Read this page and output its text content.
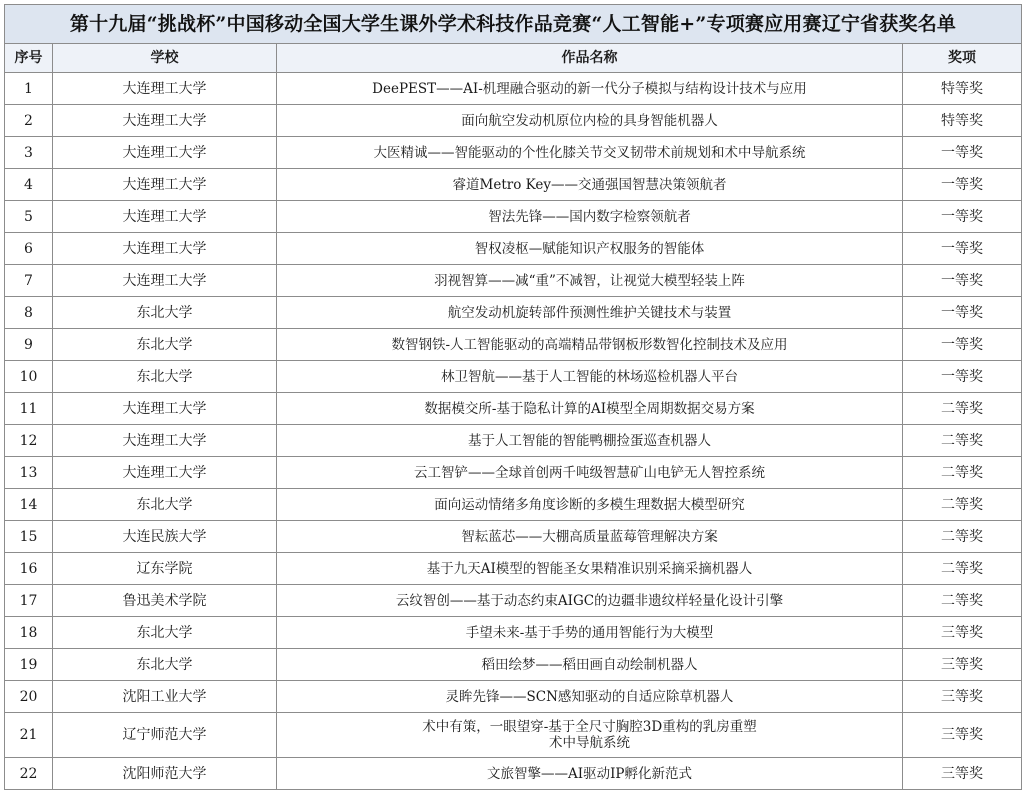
第十九届“挑战杯”中国移动全国大学生课外学术科技作品竞赛“人工智能+”专项赛应用赛辽宁省获奖名单			
序号	学校	作品名称	奖项
1	大连理工大学	DeePEST——AI-机理融合驱动的新一代分子模拟与结构设计技术与应用	特等奖
2	大连理工大学	面向航空发动机原位内检的具身智能机器人	特等奖
3	大连理工大学	大医精诚——智能驱动的个性化膝关节交叉韧带术前规划和术中导航系统	一等奖
4	大连理工大学	睿道Metro Key——交通强国智慧决策领航者	一等奖
5	大连理工大学	智法先锋——国内数字检察领航者	一等奖
6	大连理工大学	智权凌枢—赋能知识产权服务的智能体	一等奖
7	大连理工大学	羽视智算——减“重”不减智，让视觉大模型轻装上阵	一等奖
8	东北大学	航空发动机旋转部件预测性维护关键技术与装置	一等奖
9	东北大学	数智钢铁-人工智能驱动的高端精品带钢板形数智化控制技术及应用	一等奖
10	东北大学	林卫智航——基于人工智能的林场巡检机器人平台	一等奖
11	大连理工大学	数据模交所-基于隐私计算的AI模型全周期数据交易方案	二等奖
12	大连理工大学	基于人工智能的智能鸭棚捡蛋巡查机器人	二等奖
13	大连理工大学	云工智铲——全球首创两千吨级智慧矿山电铲无人智控系统	二等奖
14	东北大学	面向运动情绪多角度诊断的多模生理数据大模型研究	二等奖
15	大连民族大学	智耘蓝芯——大棚高质量蓝莓管理解决方案	二等奖
16	辽东学院	基于九天AI模型的智能圣女果精准识别采摘采摘机器人	二等奖
17	鲁迅美术学院	云纹智创——基于动态约束AIGC的边疆非遗纹样轻量化设计引擎	二等奖
18	东北大学	手望未来-基于手势的通用智能行为大模型	三等奖
19	东北大学	稻田绘梦——稻田画自动绘制机器人	三等奖
20	沈阳工业大学	灵眸先锋——SCN感知驱动的自适应除草机器人	三等奖
21	辽宁师范大学	术中有策，一眼望穿-基于全尺寸胸腔3D重构的乳房重塑
术中导航系统	三等奖
22	沈阳师范大学	文旅智擎——AI驱动IP孵化新范式	三等奖
